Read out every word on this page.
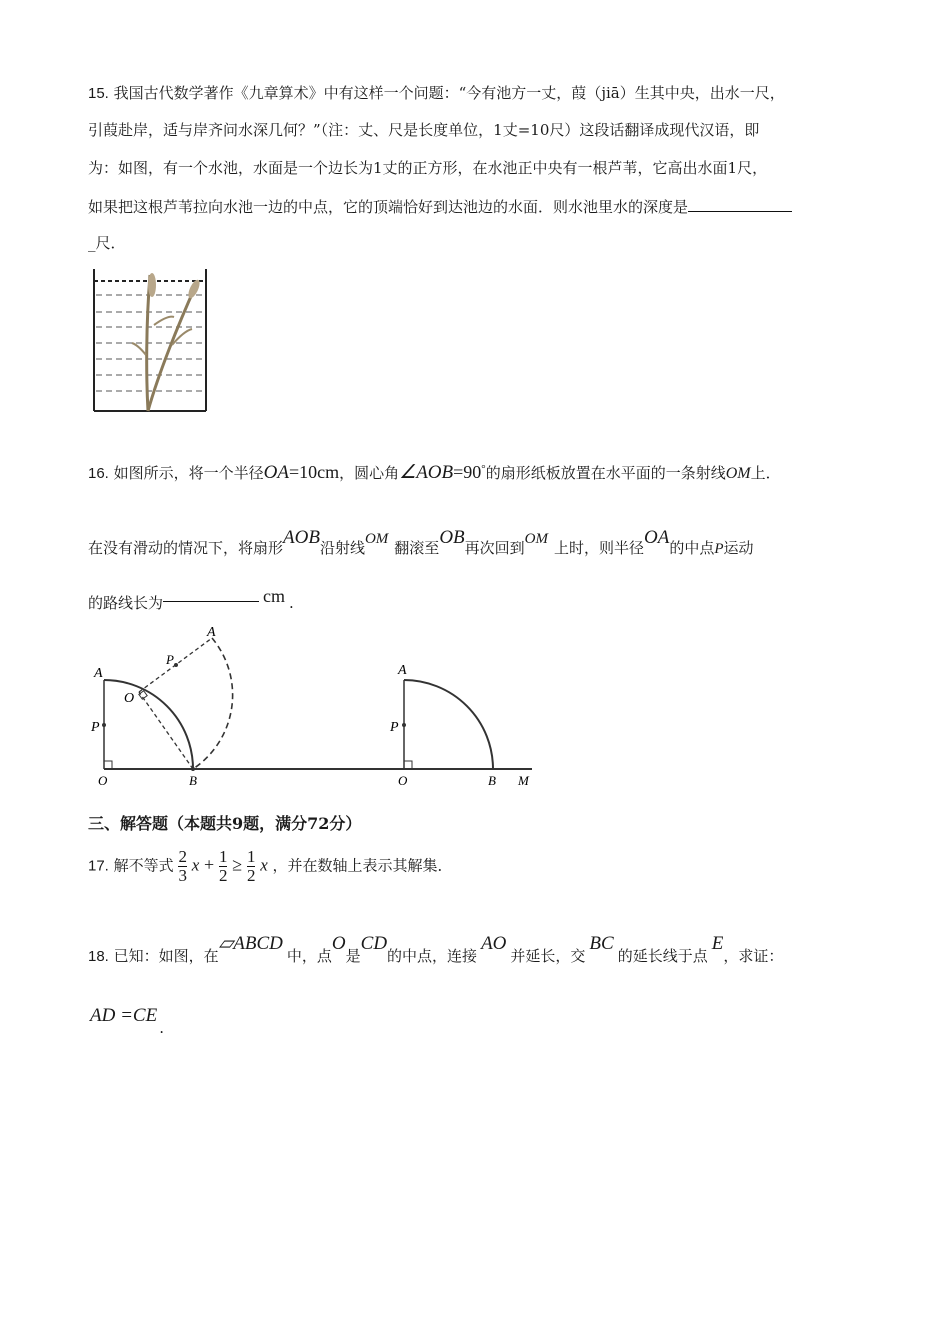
15. 我国古代数学著作《九章算术》中有这样一个问题：“今有池方一丈，葭（jiā）生其中央，出水一尺，
引葭赴岸，适与岸齐问水深几何？”（注：丈、尺是长度单位，1丈=10尺）这段话翻译成现代汉语，即
为：如图，有一个水池，水面是一个边长为1丈的正方形，在水池正中央有一根芦苇，它高出水面1尺，
如果把这根芦苇拉向水池一边的中点，它的顶端恰好到达池边的水面．则水池里水的深度是
_尺．
16. 如图所示，将一个半径OA=10cm，圆心角∠AOB=90°的扇形纸板放置在水平面的一条射线OM上．
在没有滑动的情况下，将扇形AOB沿射线OM 翻滚至OB再次回到OM 上时，则半径OA的中点P运动
的路线长为	cm .
A
P
O	B
O
P
A
A
P
O	B M
三、解答题（本题共9题，满分72分）
17. 解不等式 $\frac{2}{3}$ $x + \frac{1}{2} \ge \frac{1}{2}$ x ，并在数轴上表示其解集．
18. 已知：如图，在▱ABCD中，点O是CD的中点，连接AO并延长，交BC的延长线于点E，求证：
AD =CE.
